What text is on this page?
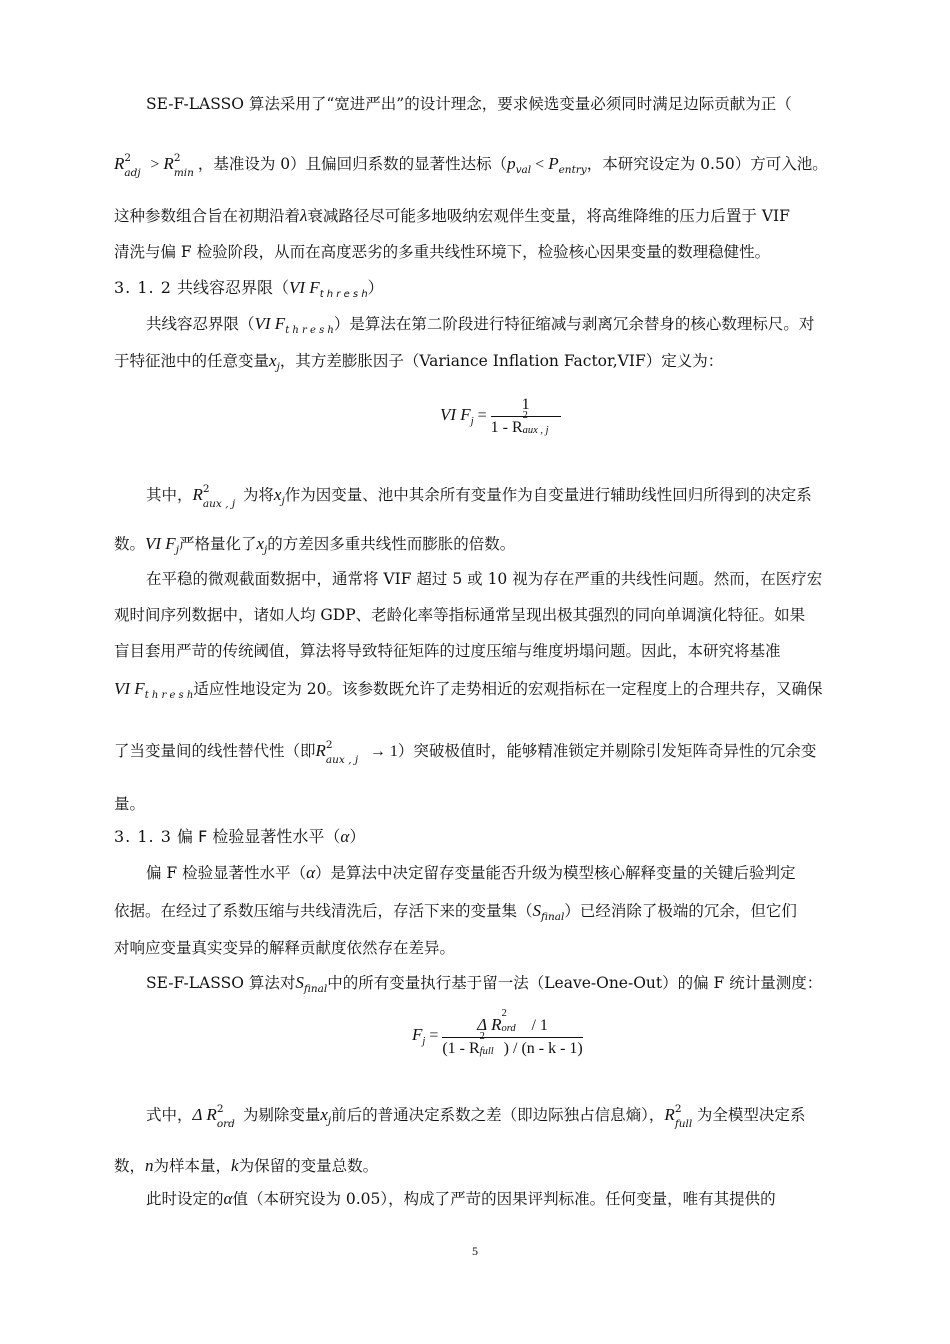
SE-F-LASSO 算法采用了“宽进严出”的设计理念，要求候选变量必须同时满足边际贡献为正（
R 2
adj > R 2
min ，基准设为 0）且偏回归系数的显著性达标（$p_{val} < P_{entry}$，本研究设定为 0.50）方可入池。
这种参数组合旨在初期沿着λ衰减路径尽可能多地吸纳宏观伴生变量，将高维降维的压力后置于 VIF
清洗与偏 F 检验阶段，从而在高度恶劣的多重共线性环境下，检验核心因果变量的数理稳健性。
3. 1. 2 共线容忍界限（VI $F_{t h r e s h}$）
共线容忍界限（VI $F_{t h r e s h}$）是算法在第二阶段进行特征缩减与剥离冗余替身的核心数理标尺。对
于特征池中的任意变量$x_j$，其方差膨胀因子（Variance Inflation Factor,VIF）定义为：
VI $F_j = 1$
1 - R
2
aux , j
其中，R 2
aux , j 为将$x_j$作为因变量、池中其余所有变量作为自变量进行辅助线性回归所得到的决定系
数。VI $F_j$严格量化了$x_j$的方差因多重共线性而膨胀的倍数。
在平稳的微观截面数据中，通常将 VIF 超过 5 或 10 视为存在严重的共线性问题。然而，在医疗宏
观时间序列数据中，诸如人均 GDP、老龄化率等指标通常呈现出极其强烈的同向单调演化特征。如果
盲目套用严苛的传统阈值，算法将导致特征矩阵的过度压缩与维度坍塌问题。因此，本研究将基准
VI $F_{t h r e s h}$适应性地设定为 20。该参数既允许了走势相近的宏观指标在一定程度上的合理共存，又确保
了当变量间的线性替代性（即R 2
aux , j → 1）突破极值时，能够精准锁定并剔除引发矩阵奇异性的冗余变
量。
3. 1. 3 偏 F 检验显著性水平（α）
偏 F 检验显著性水平（α）是算法中决定留存变量能否升级为模型核心解释变量的关键后验判定
依据。在经过了系数压缩与共线清洗后，存活下来的变量集$(S_{final})$已经消除了极端的冗余，但它们
对响应变量真实变异的解释贡献度依然存在差异。
SE-F-LASSO 算法对$S_{final}$中的所有变量执行基于留一法（Leave-One-Out）的偏 F 统计量测度：
$F_j = \Delta$ R
2
ord / 1
(1 - R
2
full ) / (n - k - 1)
式中，Δ R 2
ord 为剔除变量$x_j$前后的普通决定系数之差（即边际独占信息熵），R 2
full 为全模型决定系
数，n为样本量，k为保留的变量总数。
此时设定的α值（本研究设为 0.05），构成了严苛的因果评判标准。任何变量，唯有其提供的
5
